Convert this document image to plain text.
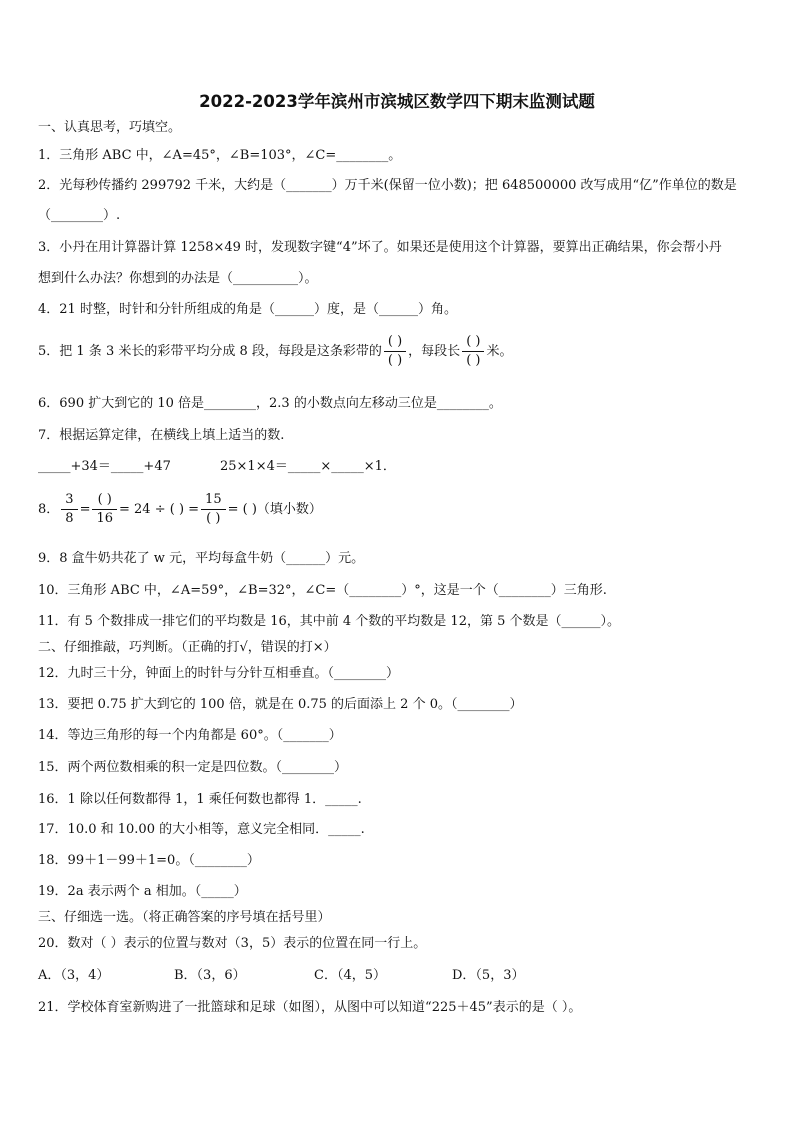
2022-2023学年滨州市滨城区数学四下期末监测试题
一、认真思考，巧填空。
1．三角形 ABC 中，∠A=45°，∠B=103°，∠C=________。
2．光每秒传播约 299792 千米，大约是（_______）万千米(保留一位小数)；把 648500000 改写成用“亿”作单位的数是
（________）.
3．小丹在用计算器计算 1258×49 时，发现数字键“4”坏了。如果还是使用这个计算器，要算出正确结果，你会帮小丹
想到什么办法？你想到的办法是（__________）。
4．21 时整，时针和分针所组成的角是（______）度，是（______）角。
5．把 1 条 3 米长的彩带平均分成 8 段，每段是这条彩带的 $\frac{( )}{( )}$ ，每段长 $\frac{( )}{( )}$ 米。
6．690 扩大到它的 10 倍是________，2.3 的小数点向左移动三位是________。
7．根据运算定律，在横线上填上适当的数.
_____+34＝_____+47	25×1×4＝_____×_____×1．
8． $\frac{3}{8} = \frac{( )}{16} = 24$ ÷ ( ) = $\frac{15}{( )}$ = ( )（填小数）
9．8 盒牛奶共花了 w 元，平均每盒牛奶（______）元。
10．三角形 ABC 中，∠A=59°，∠B=32°，∠C=（________）°，这是一个（________）三角形.
11．有 5 个数排成一排它们的平均数是 16，其中前 4 个数的平均数是 12，第 5 个数是（______）。
二、仔细推敲，巧判断。（正确的打√，错误的打×）
12．九时三十分，钟面上的时针与分针互相垂直。（________）
13．要把 0.75 扩大到它的 100 倍，就是在 0.75 的后面添上 2 个 0。（________）
14．等边三角形的每一个内角都是 60°。（_______）
15．两个两位数相乘的积一定是四位数。（________）
16．1 除以任何数都得 1，1 乘任何数也都得 1．_____.
17．10.0 和 10.00 的大小相等，意义完全相同．_____.
18．99＋1－99＋1=0。（________）
19．2a 表示两个 a 相加。（_____）
三、仔细选一选。（将正确答案的序号填在括号里）
20．数对（ ）表示的位置与数对（3，5）表示的位置在同一行上。
A．（3，4）	B．（3，6）	C．（4，5）	D．（5，3）
21．学校体育室新购进了一批篮球和足球（如图），从图中可以知道“225＋45”表示的是（ ）。
